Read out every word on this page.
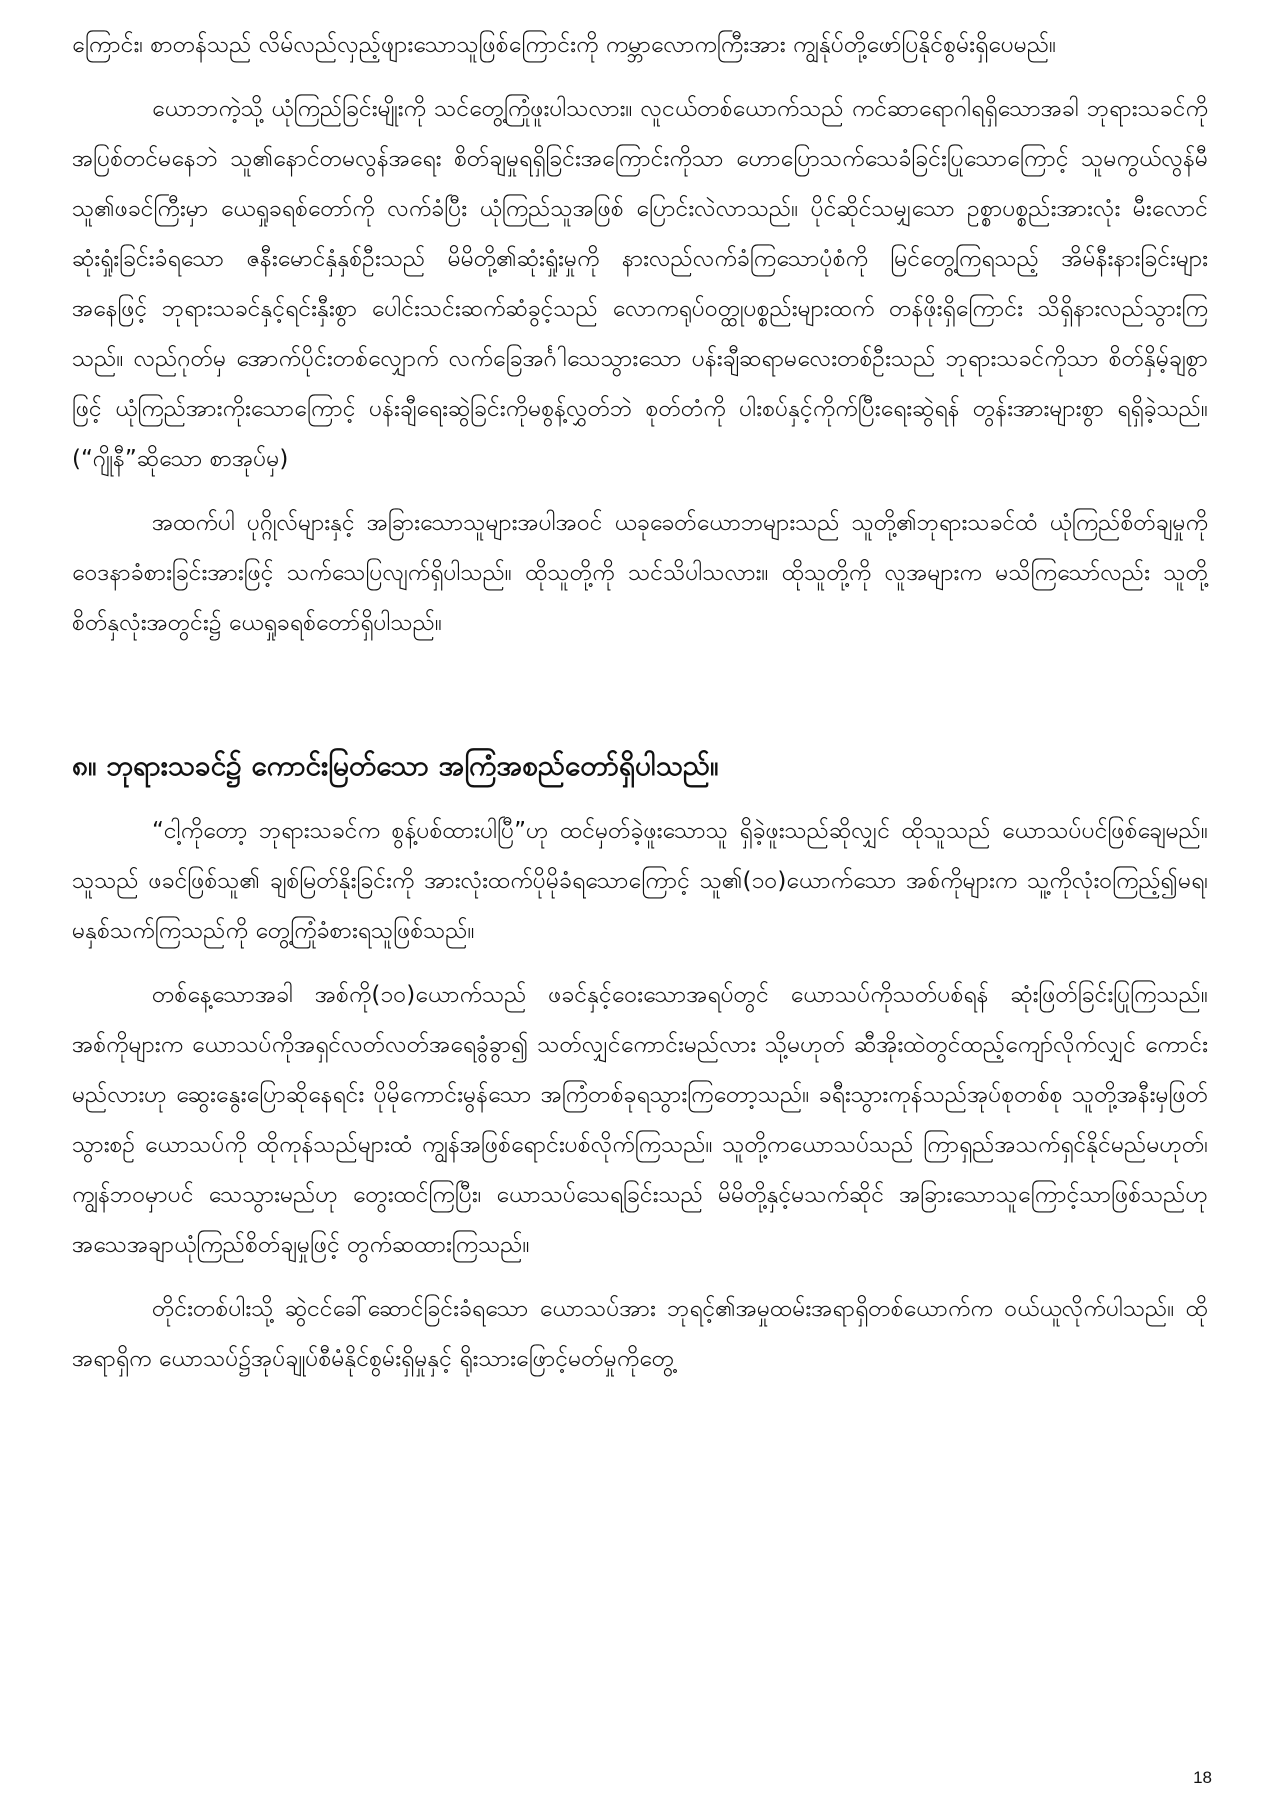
ကြောင်း၊ စာတန်သည် လိမ်လည်လှည့်ဖျားသောသူဖြစ်ကြောင်းကို ကမ္ဘာလောကကြီးအား ကျွန်ုပ်တို့ဖော်ပြနိုင်စွမ်းရှိပေမည်။

ယောဘကဲ့သို့ ယုံကြည်ခြင်းမျိုးကို သင်တွေ့ကြုံဖူးပါသလား။ လူငယ်တစ်ယောက်သည် ကင်ဆာရောဂါရရှိသောအခါ ဘုရားသခင်ကိုအပြစ်တင်မနေဘဲ သူ၏နောင်တမလွန်အရေး စိတ်ချမှုရရှိခြင်းအကြောင်းကိုသာ ဟောပြောသက်သေခံခြင်းပြုသောကြောင့် သူမကွယ်လွန်မီ သူ၏ဖခင်ကြီးမှာ ယေရှုခရစ်တော်ကို လက်ခံပြီး ယုံကြည်သူအဖြစ် ပြောင်းလဲလာသည်။ ပိုင်ဆိုင်သမျှသော ဥစ္စာပစ္စည်းအားလုံး မီးလောင်ဆုံးရှုံးခြင်းခံရသော ဇနီးမောင်နှံနှစ်ဦးသည် မိမိတို့၏ဆုံးရှုံးမှုကို နားလည်လက်ခံကြသောပုံစံကို မြင်တွေ့ကြရသည့် အိမ်နီးနားခြင်းများအနေဖြင့် ဘုရားသခင်နှင့်ရင်းနှီးစွာ ပေါင်းသင်းဆက်ဆံခွင့်သည် လောကရုပ်ဝတ္ထုပစ္စည်းများထက် တန်ဖိုးရှိကြောင်း သိရှိနားလည်သွားကြသည်။ လည်ဂုတ်မှ အောက်ပိုင်းတစ်လျှောက် လက်ခြေအင်္ဂါသေသွားသော ပန်းချီဆရာမလေးတစ်ဦးသည် ဘုရားသခင်ကိုသာ စိတ်နှိမ့်ချစွာဖြင့် ယုံကြည်အားကိုးသောကြောင့် ပန်းချီရေးဆွဲခြင်းကိုမစွန့်လွှတ်ဘဲ စုတ်တံကို ပါးစပ်နှင့်ကိုက်ပြီးရေးဆွဲရန် တွန်းအားများစွာ ရရှိခဲ့သည်။ (“ဂျိုနီ”ဆိုသော စာအုပ်မှ)

အထက်ပါ ပုဂ္ဂိုလ်များနှင့် အခြားသောသူများအပါအဝင် ယခုခေတ်ယောဘများသည် သူတို့၏ဘုရားသခင်ထံ ယုံကြည်စိတ်ချမှုကို ဝေဒနာခံစားခြင်းအားဖြင့် သက်သေပြလျက်ရှိပါသည်။ ထိုသူတို့ကို သင်သိပါသလား။ ထိုသူတို့ကို လူအများက မသိကြသော်လည်း သူတို့စိတ်နှလုံးအတွင်း၌ ယေရှုခရစ်တော်ရှိပါသည်။

၈။ ဘုရားသခင်၌ ကောင်းမြတ်သော အကြံအစည်တော်ရှိပါသည်။

“ငါ့ကိုတော့ ဘုရားသခင်က စွန့်ပစ်ထားပါပြီ”ဟု ထင်မှတ်ခဲ့ဖူးသောသူ ရှိခဲ့ဖူးသည်ဆိုလျှင် ထိုသူသည် ယောသပ်ပင်ဖြစ်ချေမည်။ သူသည် ဖခင်ဖြစ်သူ၏ ချစ်မြတ်နိုးခြင်းကို အားလုံးထက်ပိုမိုခံရသောကြောင့် သူ၏(၁၀)ယောက်သော အစ်ကိုများက သူ့ကိုလုံးဝကြည့်၍မရ၊ မနှစ်သက်ကြသည်ကို တွေ့ကြုံခံစားရသူဖြစ်သည်။

တစ်နေ့သောအခါ အစ်ကို(၁၀)ယောက်သည် ဖခင်နှင့်ဝေးသောအရပ်တွင် ယောသပ်ကိုသတ်ပစ်ရန် ဆုံးဖြတ်ခြင်းပြုကြသည်။ အစ်ကိုများက ယောသပ်ကိုအရှင်လတ်လတ်အရေခွံခွာ၍ သတ်လျှင်ကောင်းမည်လား သို့မဟုတ် ဆီအိုးထဲတွင်ထည့်ကျော်လိုက်လျှင် ကောင်းမည်လားဟု ဆွေးနွေးပြောဆိုနေရင်း ပိုမိုကောင်းမွန်သော အကြံတစ်ခုရသွားကြတော့သည်။ ခရီးသွားကုန်သည်အုပ်စုတစ်စု သူတို့အနီးမှဖြတ်သွားစဉ် ယောသပ်ကို ထိုကုန်သည်များထံ ကျွန်အဖြစ်ရောင်းပစ်လိုက်ကြသည်။ သူတို့ကယောသပ်သည် ကြာရှည်အသက်ရှင်နိုင်မည်မဟုတ်၊ ကျွန်ဘဝမှာပင် သေသွားမည်ဟု တွေးထင်ကြပြီး၊ ယောသပ်သေရခြင်းသည် မိမိတို့နှင့်မသက်ဆိုင် အခြားသောသူကြောင့်သာဖြစ်သည်ဟု အသေအချာယုံကြည်စိတ်ချမှုဖြင့် တွက်ဆထားကြသည်။

တိုင်းတစ်ပါးသို့ ဆွဲငင်ခေါ်ဆောင်ခြင်းခံရသော ယောသပ်အား ဘုရင့်၏အမှုထမ်းအရာရှိတစ်ယောက်က ဝယ်ယူလိုက်ပါသည်။ ထိုအရာရှိက ယောသပ်၌အုပ်ချုပ်စီမံနိုင်စွမ်းရှိမှုနှင့် ရိုးသားဖြောင့်မတ်မှုကိုတွေ့

18
